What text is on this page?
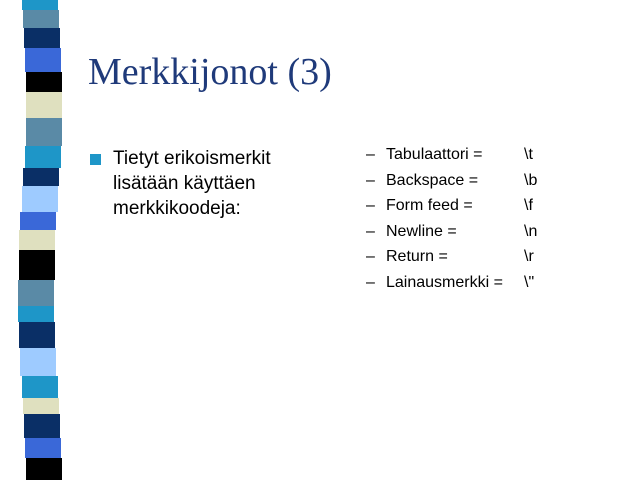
Merkkijonot (3)
Tietyt erikoismerkit
lisätään käyttäen
merkkikoodeja:
– Tabulaattori =	\t
– Backspace =	\b
– Form feed =	\f
– Newline =	\n
– Return =	\r
– Lainausmerkki = \"
